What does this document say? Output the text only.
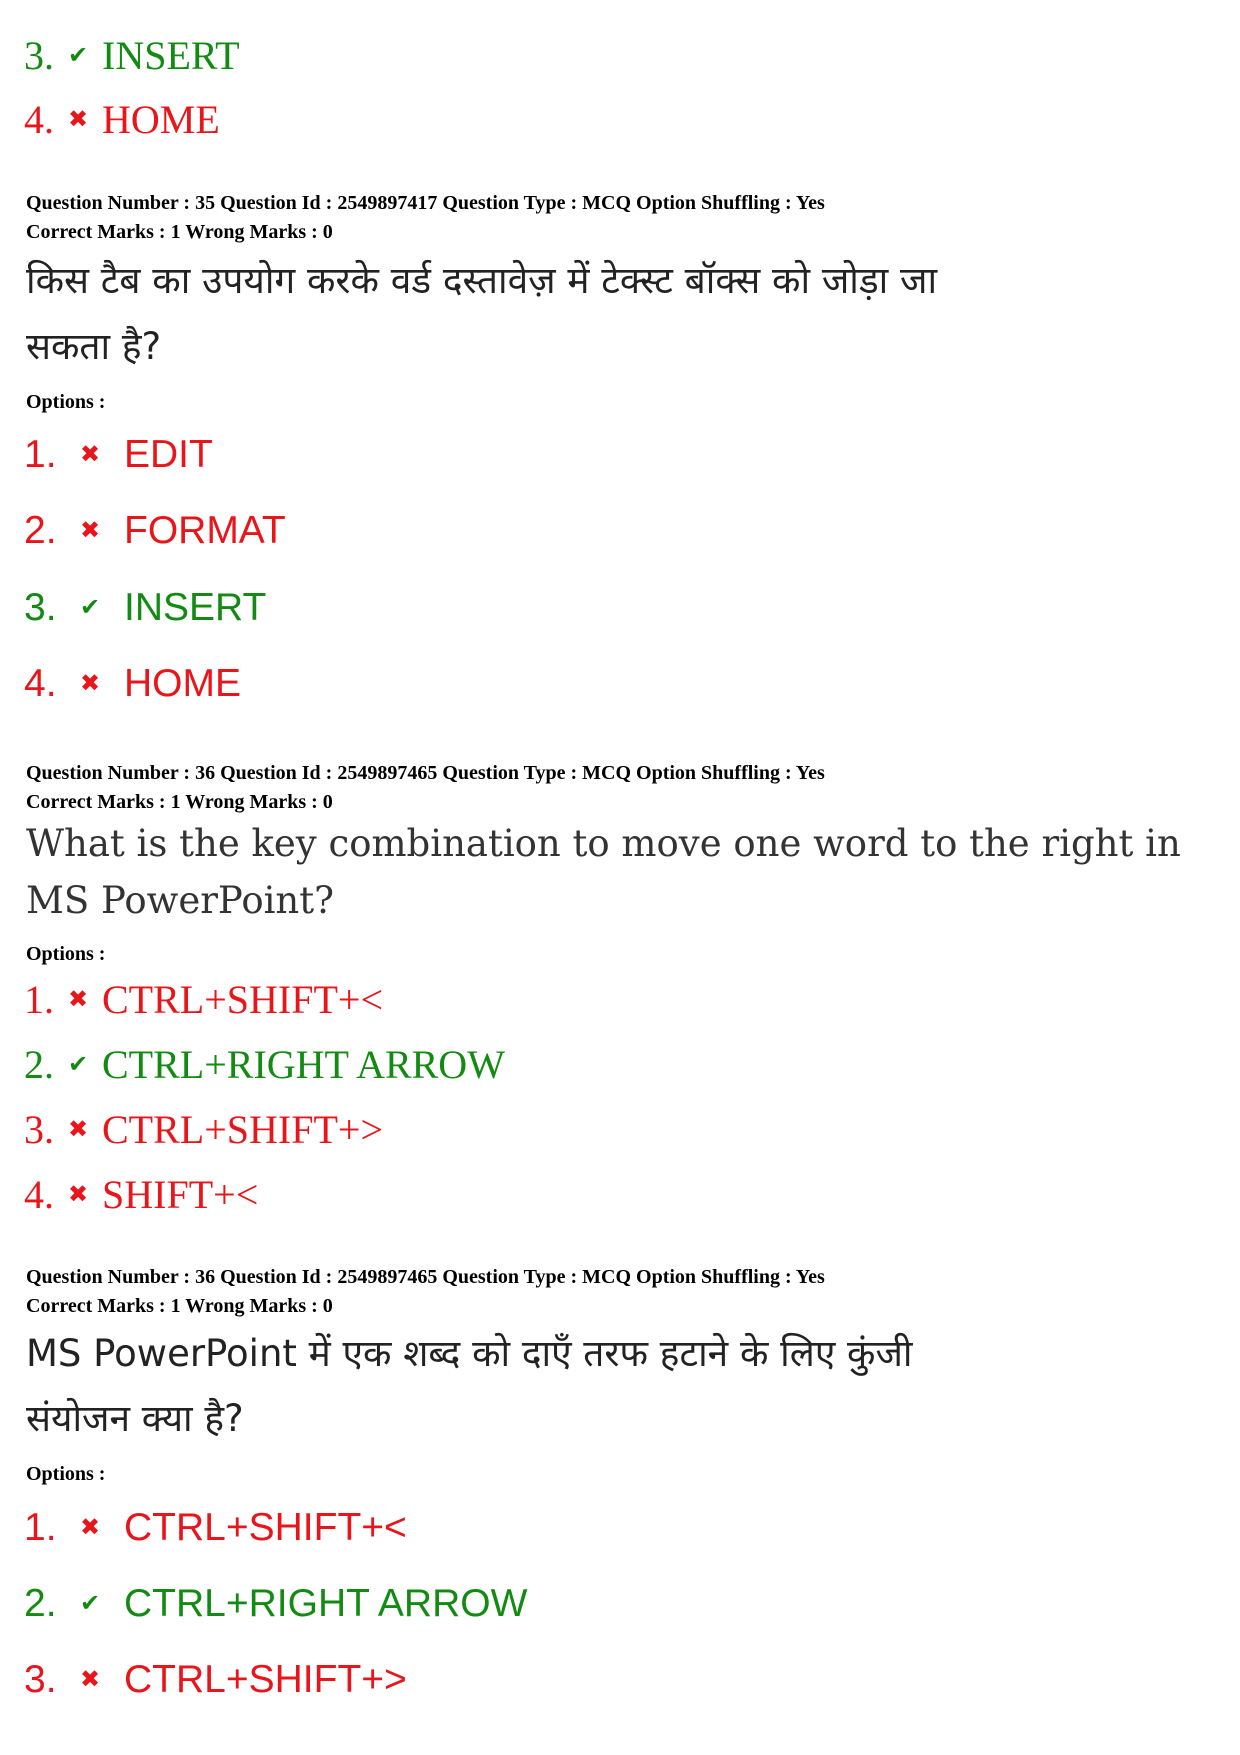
3. ✔ INSERT
4. ✖ HOME
Question Number : 35 Question Id : 2549897417 Question Type : MCQ Option Shuffling : Yes
Correct Marks : 1 Wrong Marks : 0
किस टैब का उपयोग करके वर्ड दस्तावेज़ में टेक्स्ट बॉक्स को जोड़ा जा
सकता है?
Options :
1. ✖ EDIT
2. ✖ FORMAT
3. ✔ INSERT
4. ✖ HOME
Question Number : 36 Question Id : 2549897465 Question Type : MCQ Option Shuffling : Yes
Correct Marks : 1 Wrong Marks : 0
What is the key combination to move one word to the right in
MS PowerPoint?
Options :
1. ✖ CTRL+SHIFT+<
2. ✔ CTRL+RIGHT ARROW
3. ✖ CTRL+SHIFT+>
4. ✖ SHIFT+<
Question Number : 36 Question Id : 2549897465 Question Type : MCQ Option Shuffling : Yes
Correct Marks : 1 Wrong Marks : 0
MS PowerPoint में एक शब्द को दाएँ तरफ हटाने के लिए कुंजी
संयोजन क्या है?
Options :
1. ✖ CTRL+SHIFT+<
2. ✔ CTRL+RIGHT ARROW
3. ✖ CTRL+SHIFT+>
